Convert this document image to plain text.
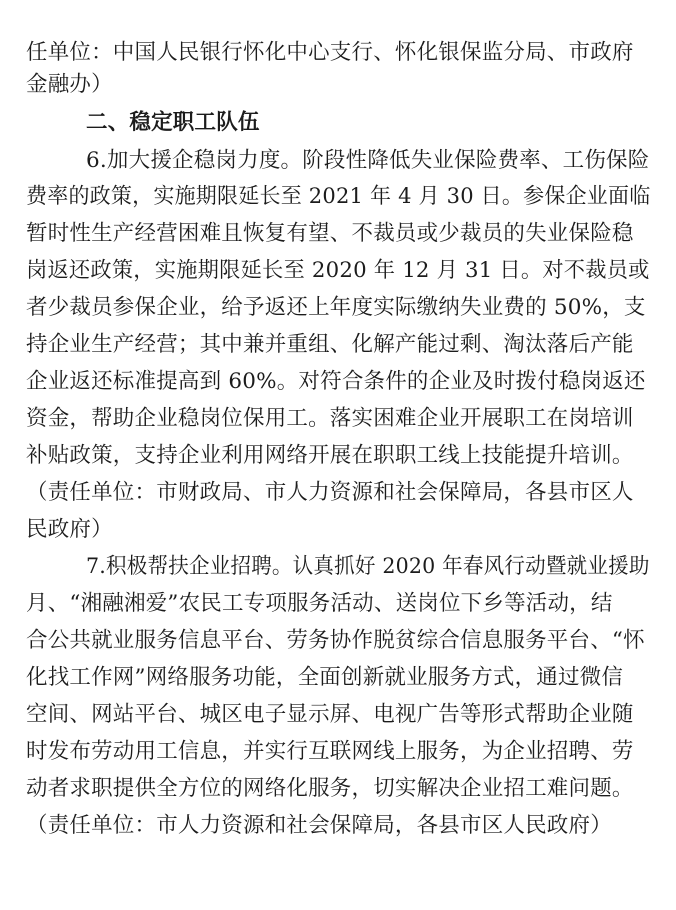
任单位：中国人民银行怀化中心支行、怀化银保监分局、市政府
金融办）
二、稳定职工队伍
6.加大援企稳岗力度。阶段性降低失业保险费率、工伤保险
费率的政策，实施期限延长至 2021 年 4 月 30 日。参保企业面临
暂时性生产经营困难且恢复有望、不裁员或少裁员的失业保险稳
岗返还政策，实施期限延长至 2020 年 12 月 31 日。对不裁员或
者少裁员参保企业，给予返还上年度实际缴纳失业费的 50%，支
持企业生产经营；其中兼并重组、化解产能过剩、淘汰落后产能
企业返还标准提高到 60%。对符合条件的企业及时拨付稳岗返还
资金，帮助企业稳岗位保用工。落实困难企业开展职工在岗培训
补贴政策，支持企业利用网络开展在职职工线上技能提升培训。
（责任单位：市财政局、市人力资源和社会保障局，各县市区人
民政府）
7.积极帮扶企业招聘。认真抓好 2020 年春风行动暨就业援助
月、“湘融湘爱”农民工专项服务活动、送岗位下乡等活动，结
合公共就业服务信息平台、劳务协作脱贫综合信息服务平台、“怀
化找工作网”网络服务功能，全面创新就业服务方式，通过微信
空间、网站平台、城区电子显示屏、电视广告等形式帮助企业随
时发布劳动用工信息，并实行互联网线上服务，为企业招聘、劳
动者求职提供全方位的网络化服务，切实解决企业招工难问题。
（责任单位：市人力资源和社会保障局，各县市区人民政府）
